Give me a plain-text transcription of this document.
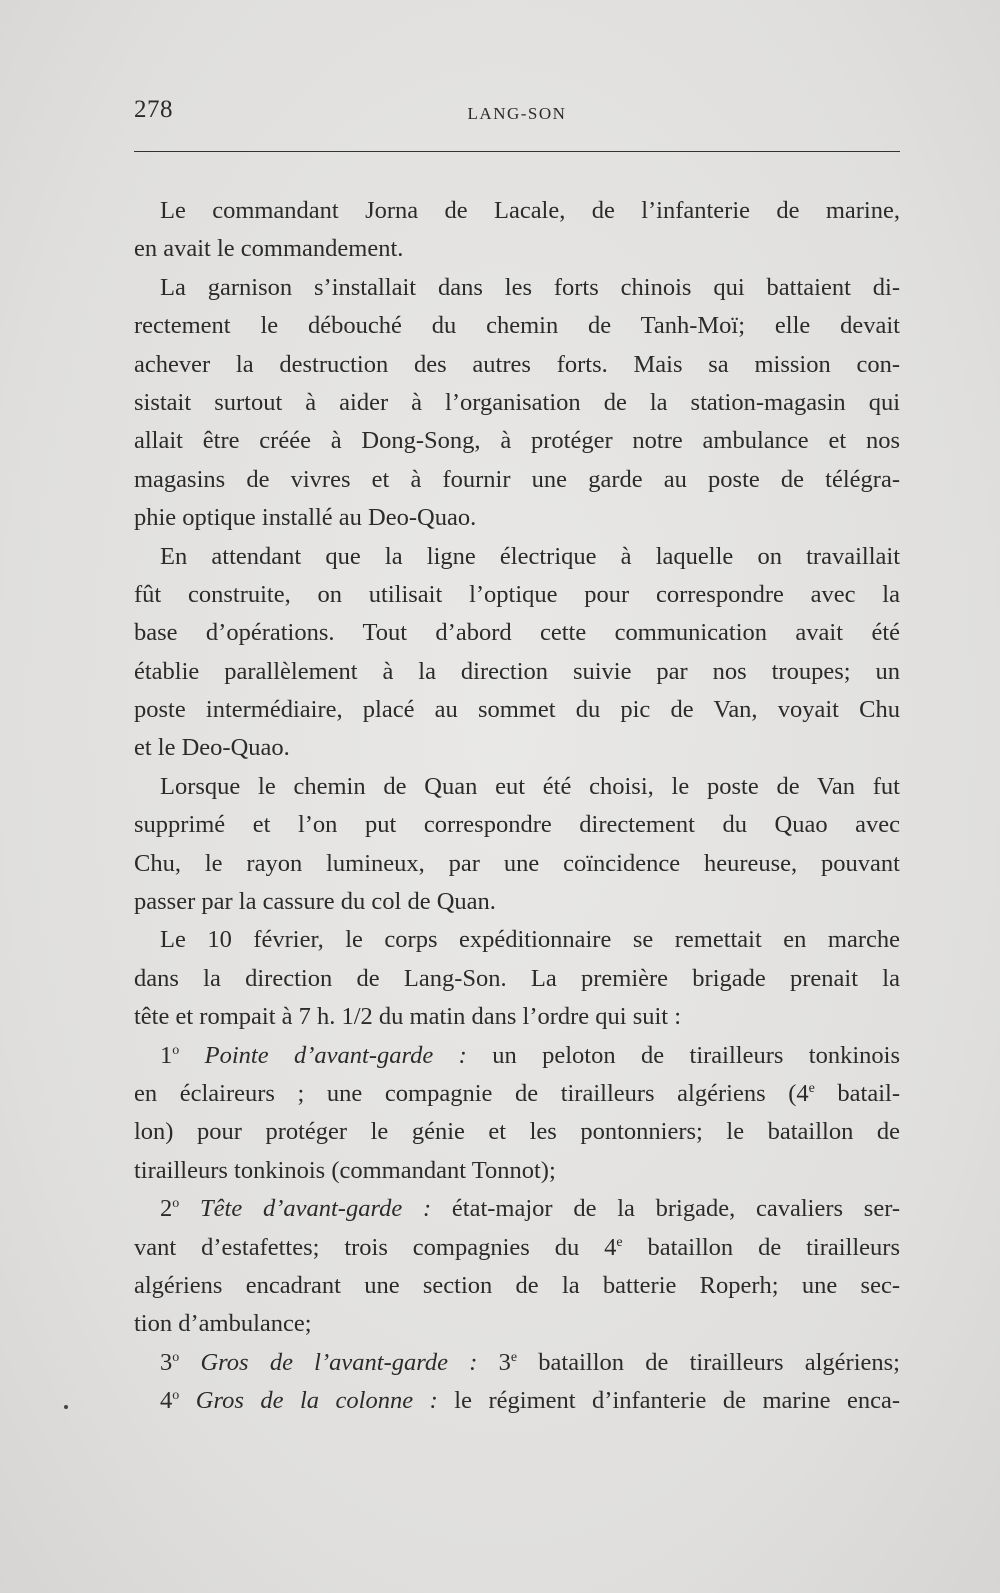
278	LANG-SON
Le commandant Jorna de Lacale, de l’infanterie de marine,
en avait le commandement.
La garnison s’installait dans les forts chinois qui battaient di-
rectement le débouché du chemin de Tanh-Moï; elle devait
achever la destruction des autres forts. Mais sa mission con-
sistait surtout à aider à l’organisation de la station-magasin qui
allait être créée à Dong-Song, à protéger notre ambulance et nos
magasins de vivres et à fournir une garde au poste de télégra-
phie optique installé au Deo-Quao.
En attendant que la ligne électrique à laquelle on travaillait
fût construite, on utilisait l’optique pour correspondre avec la
base d’opérations. Tout d’abord cette communication avait été
établie parallèlement à la direction suivie par nos troupes; un
poste intermédiaire, placé au sommet du pic de Van, voyait Chu
et le Deo-Quao.
Lorsque le chemin de Quan eut été choisi, le poste de Van fut
supprimé et l’on put correspondre directement du Quao avec
Chu, le rayon lumineux, par une coïncidence heureuse, pouvant
passer par la cassure du col de Quan.
Le 10 février, le corps expéditionnaire se remettait en marche
dans la direction de Lang-Son. La première brigade prenait la
tête et rompait à 7 h. 1/2 du matin dans l’ordre qui suit :
1$^o$ Pointe d’avant-garde : un peloton de tirailleurs tonkinois
en éclaireurs ; une compagnie de tirailleurs algériens (4e batail-
lon) pour protéger le génie et les pontonniers; le bataillon de
tirailleurs tonkinois (commandant Tonnot);
2$^o$ Tête d’avant-garde : état-major de la brigade, cavaliers ser-
vant d’estafettes; trois compagnies du 4e bataillon de tirailleurs
algériens encadrant une section de la batterie Roperh; une sec-
tion d’ambulance;
3$^o$ Gros de l’avant-garde : 3e bataillon de tirailleurs algériens;
4$^o$ Gros de la colonne : le régiment d’infanterie de marine enca-
